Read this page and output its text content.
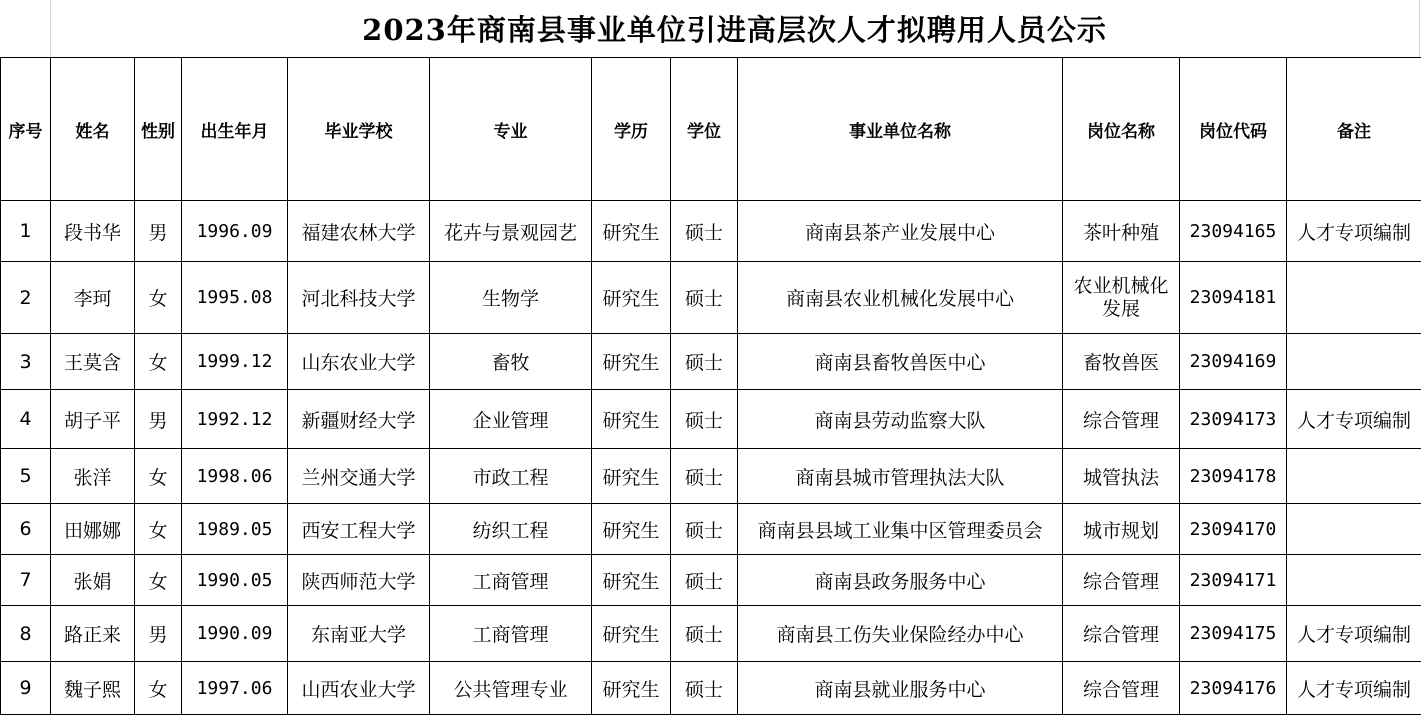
2023年商南县事业单位引进高层次人才拟聘用人员公示
序号	姓名	性别	出生年月	毕业学校	专业	学历	学位	事业单位名称	岗位名称	岗位代码	备注
1	段书华	男	1996.09	福建农林大学	花卉与景观园艺	研究生	硕士	商南县茶产业发展中心	茶叶种殖	23094165	人才专项编制
2	李珂	女	1995.08	河北科技大学	生物学	研究生	硕士	商南县农业机械化发展中心	农业机械化发展	23094181	
3	王莫含	女	1999.12	山东农业大学	畜牧	研究生	硕士	商南县畜牧兽医中心	畜牧兽医	23094169	
4	胡子平	男	1992.12	新疆财经大学	企业管理	研究生	硕士	商南县劳动监察大队	综合管理	23094173	人才专项编制
5	张洋	女	1998.06	兰州交通大学	市政工程	研究生	硕士	商南县城市管理执法大队	城管执法	23094178	
6	田娜娜	女	1989.05	西安工程大学	纺织工程	研究生	硕士	商南县县域工业集中区管理委员会	城市规划	23094170	
7	张娟	女	1990.05	陕西师范大学	工商管理	研究生	硕士	商南县政务服务中心	综合管理	23094171	
8	路正来	男	1990.09	东南亚大学	工商管理	研究生	硕士	商南县工伤失业保险经办中心	综合管理	23094175	人才专项编制
9	魏子熙	女	1997.06	山西农业大学	公共管理专业	研究生	硕士	商南县就业服务中心	综合管理	23094176	人才专项编制
